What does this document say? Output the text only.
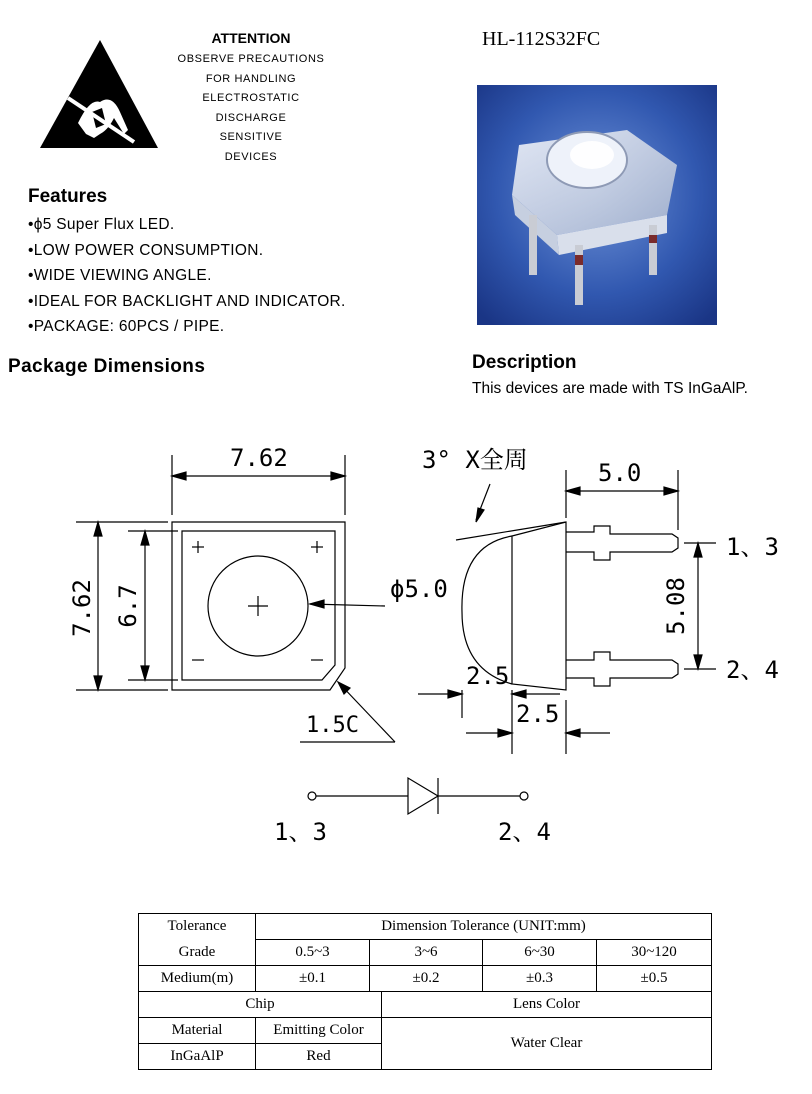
ATTENTION
OBSERVE PRECAUTIONS
FOR HANDLING
ELECTROSTATIC
DISCHARGE
SENSITIVE
DEVICES
HL-112S32FC
Features
•ϕ5 Super Flux LED.
•LOW POWER CONSUMPTION.
•WIDE VIEWING ANGLE.
•IDEAL FOR BACKLIGHT AND INDICATOR.
•PACKAGE: 60PCS / PIPE.
Package Dimensions	Description
This devices are made with TS InGaAlP.
7.62
7.62 6.7
1.5C
3° X全周
ϕ5.0
5.0
1、3
2、4
5.08
2.5
2.5
1、3	2、4
Tolerance	Dimension Tolerance (UNIT:mm)				
Grade	0.5~3	3~6		6~30	30~120
Medium(m)	±0.1	±0.2		±0.3	±0.5
Chip			Lens Color		
Material	Emitting Color		Water Clear		
InGaAlP	Red				
